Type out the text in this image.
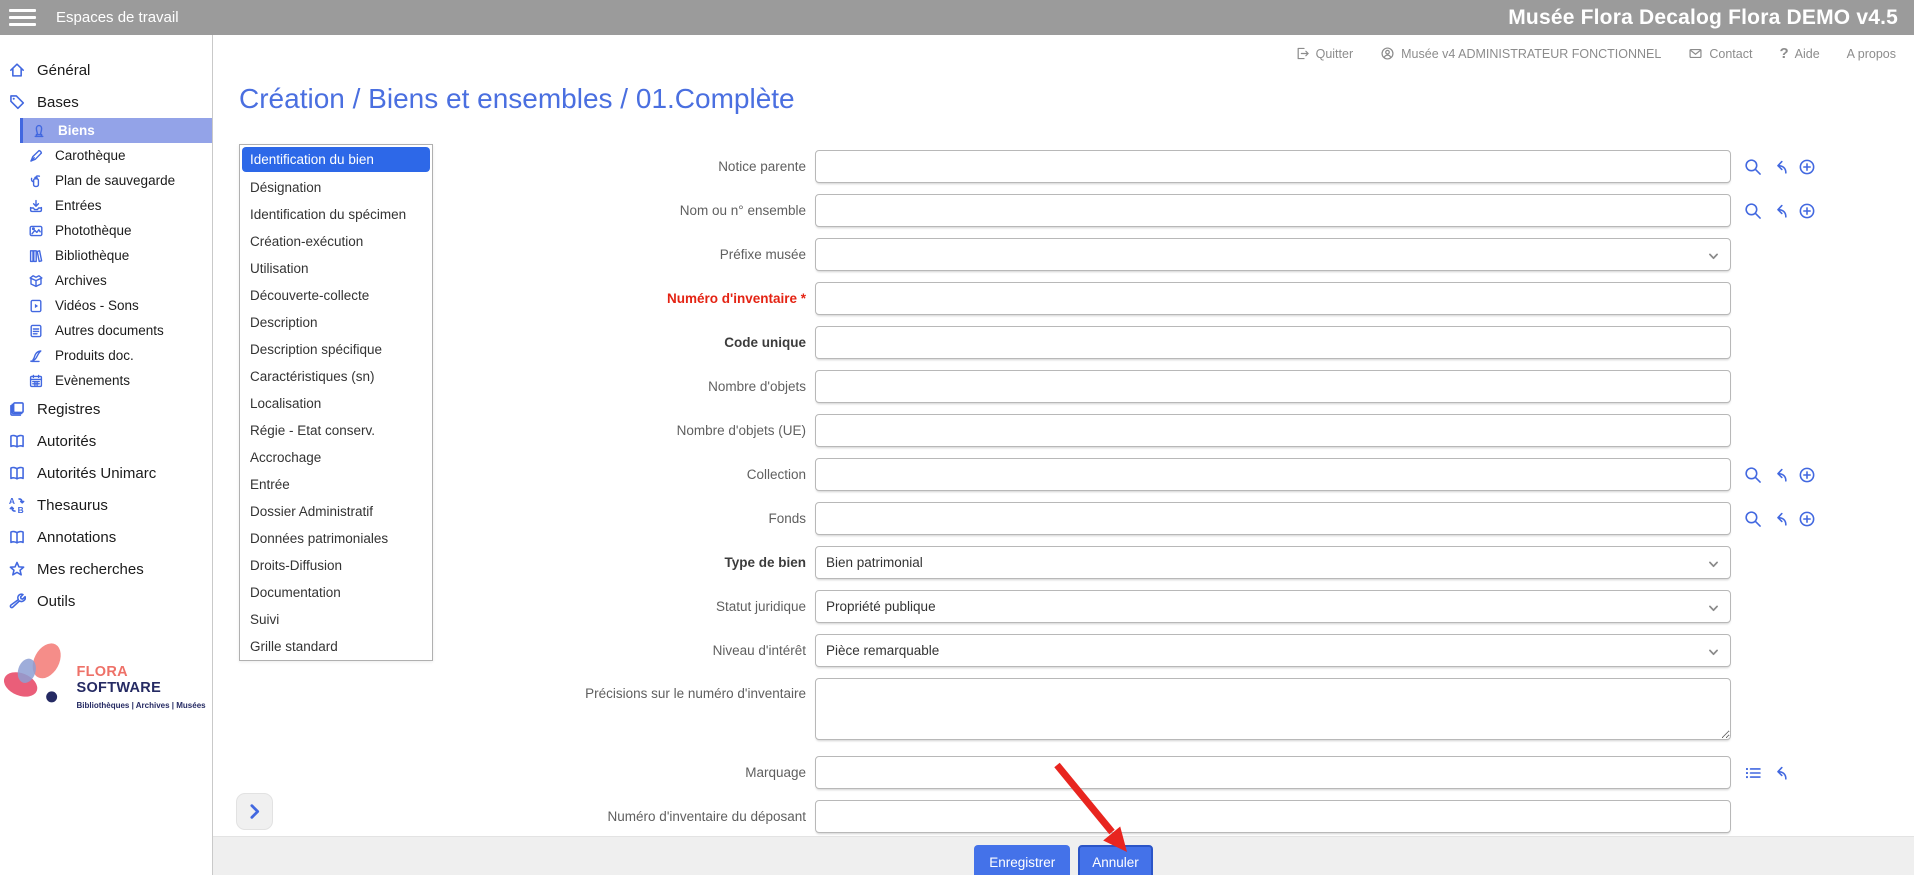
Espaces de travail	Musée Flora Decalog Flora DEMO v4.5
Général
Bases
Biens
Carothèque
Plan de sauvegarde
Entrées
Photothèque
Bibliothèque
Archives
Vidéos - Sons
Autres documents
Produits doc.
Evènements
Registres
Autorités
Autorités Unimarc
A
B Thesaurus
Annotations
Mes recherches
Outils
FLORA SOFTWARE
Bibliothèques | Archives | Musées
Quitter	Musée v4 ADMINISTRATEUR FONCTIONNEL	Contact ? Aide A propos
Création / Biens et ensembles / 01.Complète
Identification du bien
Désignation
Identification du spécimen
Création-exécution
Utilisation
Découverte-collecte
Description
Description spécifique
Caractéristiques (sn)
Localisation
Régie - Etat conserv.
Accrochage
Entrée
Dossier Administratif
Données patrimoniales
Droits-Diffusion
Documentation
Suivi
Grille standard
Notice parente
Nom ou n° ensemble
Préfixe musée
Numéro d'inventaire *
Code unique
Nombre d'objets
Nombre d'objets (UE)
Collection
Fonds
Type de bien	Bien patrimonial
Statut juridique	Propriété publique
Niveau d'intérêt	Pièce remarquable
Précisions sur le numéro d'inventaire
Marquage
Numéro d'inventaire du déposant
Enregistrer	Annuler
